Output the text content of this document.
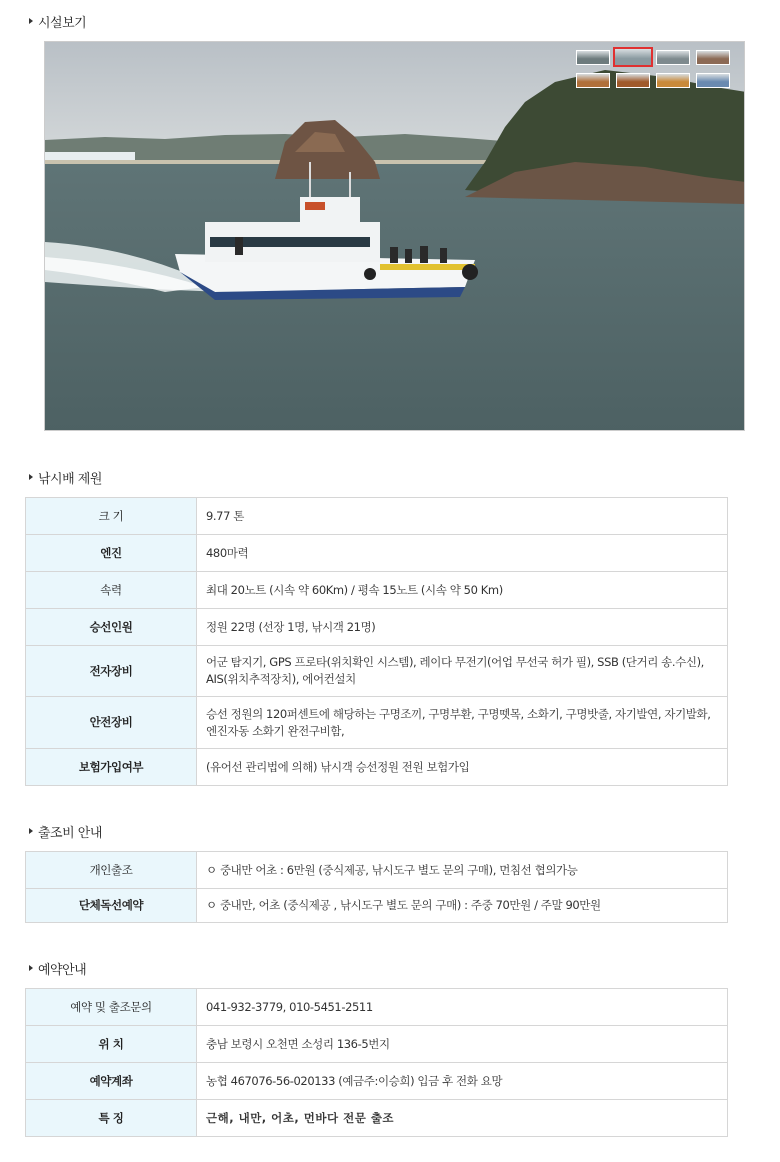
시설보기
낚시배 제원
크 기	9.77 톤
엔진	480마력
속력	최대 20노트 (시속 약 60Km) / 평속 15노트 (시속 약 50 Km)
승선인원	정원 22명 (선장 1명, 낚시객 21명)
전자장비	어군 탐지기, GPS 프로타(위치확인 시스템), 레이다 무전기(어업 무선국 허가 필), SSB (단거리 송.수신), AIS(위치추적장치), 에어컨설치
안전장비	승선 정원의 120퍼센트에 해당하는 구명조끼, 구명부환, 구명뗏목, 소화기, 구명밧줄, 자기발연, 자기발화, 엔진자동 소화기 완전구비함,
보험가입여부	(유어선 관리법에 의해) 낚시객 승선정원 전원 보험가입
출조비 안내
개인출조	ㅇ 중내만 어초 : 6만원 (중식제공, 낚시도구 별도 문의 구매), 먼침선 협의가능
단체독선예약	ㅇ 중내만, 어초 (중식제공 , 낚시도구 별도 문의 구매) : 주중 70만원 / 주말 90만원
예약안내
예약 및 출조문의	041-932-3779, 010-5451-2511
위 치	충남 보령시 오천면 소성리 136-5번지
예약계좌	농협 467076-56-020133 (예금주:이승희) 입금 후 전화 요망
특 징	근해, 내만, 어초, 먼바다 전문 출조
